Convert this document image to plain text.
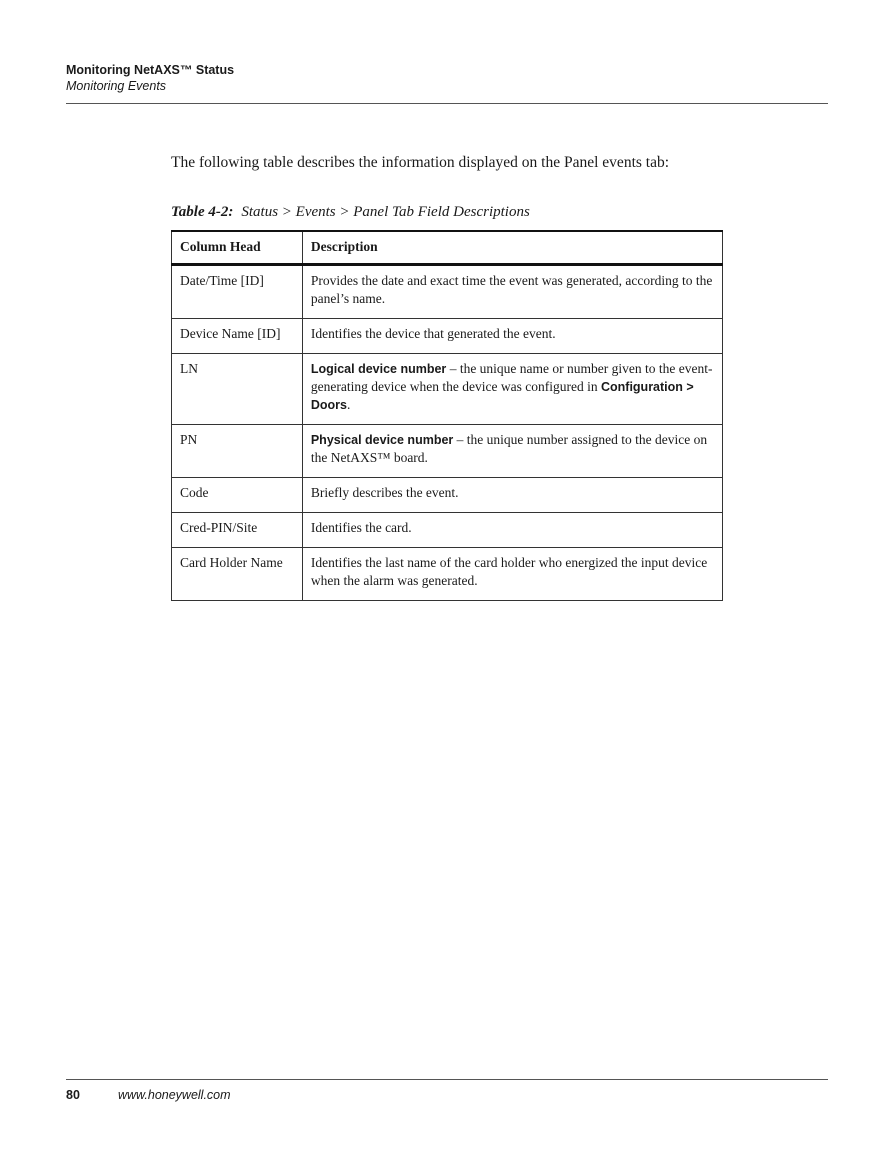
Monitoring NetAXS™ Status
Monitoring Events
The following table describes the information displayed on the Panel events tab:
Table 4-2: Status > Events > Panel Tab Field Descriptions
Column Head	Description
Date/Time [ID]	Provides the date and exact time the event was generated, according to the panel’s name.
Device Name [ID]	Identifies the device that generated the event.
LN	Logical device number – the unique name or number given to the event-generating device when the device was configured in Configuration > Doors.
PN	Physical device number – the unique number assigned to the device on the NetAXS™ board.
Code	Briefly describes the event.
Cred-PIN/Site	Identifies the card.
Card Holder Name	Identifies the last name of the card holder who energized the input device when the alarm was generated.
80	www.honeywell.com
